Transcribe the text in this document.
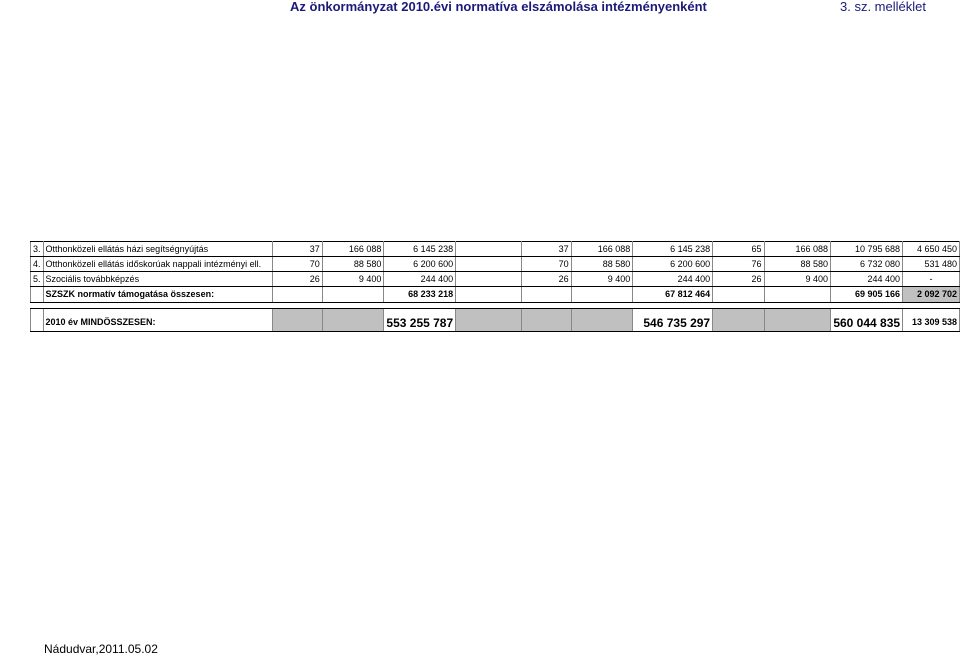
Az önkormányzat 2010.évi normatíva elszámolása intézményenként	3. sz. melléklet
3.	Otthonközeli ellátás házi segítségnyújtás	37	166 088	6 145 238		37	166 088	6 145 238	65	166 088	10 795 688	4 650 450
4.	Otthonközeli ellátás időskorúak nappali intézményi ell.	70	88 580	6 200 600		70	88 580	6 200 600	76	88 580	6 732 080	531 480
5.	Szociális továbbképzés	26	9 400	244 400		26	9 400	244 400	26	9 400	244 400	-
	SZSZK normatív támogatása összesen:			68 233 218				67 812 464			69 905 166	2 092 702

	2010 év MINDÖSSZESEN:			553 255 787				546 735 297			560 044 835	13 309 538
Nádudvar,2011.05.02
